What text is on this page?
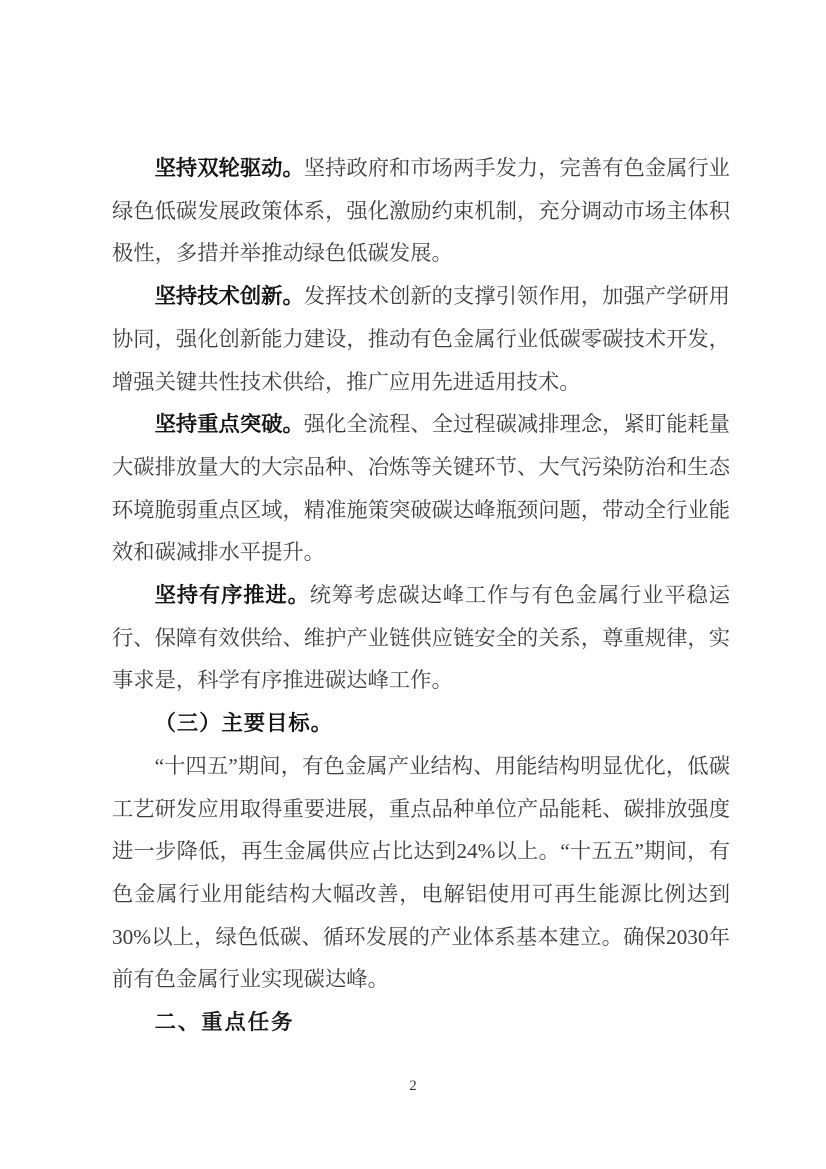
坚持双轮驱动。坚持政府和市场两手发力，完善有色金属行业绿色低碳发展政策体系，强化激励约束机制，充分调动市场主体积极性，多措并举推动绿色低碳发展。

坚持技术创新。发挥技术创新的支撑引领作用，加强产学研用协同，强化创新能力建设，推动有色金属行业低碳零碳技术开发，增强关键共性技术供给，推广应用先进适用技术。

坚持重点突破。强化全流程、全过程碳减排理念，紧盯能耗量大碳排放量大的大宗品种、冶炼等关键环节、大气污染防治和生态环境脆弱重点区域，精准施策突破碳达峰瓶颈问题，带动全行业能效和碳减排水平提升。

坚持有序推进。统筹考虑碳达峰工作与有色金属行业平稳运行、保障有效供给、维护产业链供应链安全的关系，尊重规律，实事求是，科学有序推进碳达峰工作。

（三）主要目标。

“十四五”期间，有色金属产业结构、用能结构明显优化，低碳工艺研发应用取得重要进展，重点品种单位产品能耗、碳排放强度进一步降低，再生金属供应占比达到24%以上。“十五五”期间，有色金属行业用能结构大幅改善，电解铝使用可再生能源比例达到30%以上，绿色低碳、循环发展的产业体系基本建立。确保2030年前有色金属行业实现碳达峰。

二、重点任务

2
